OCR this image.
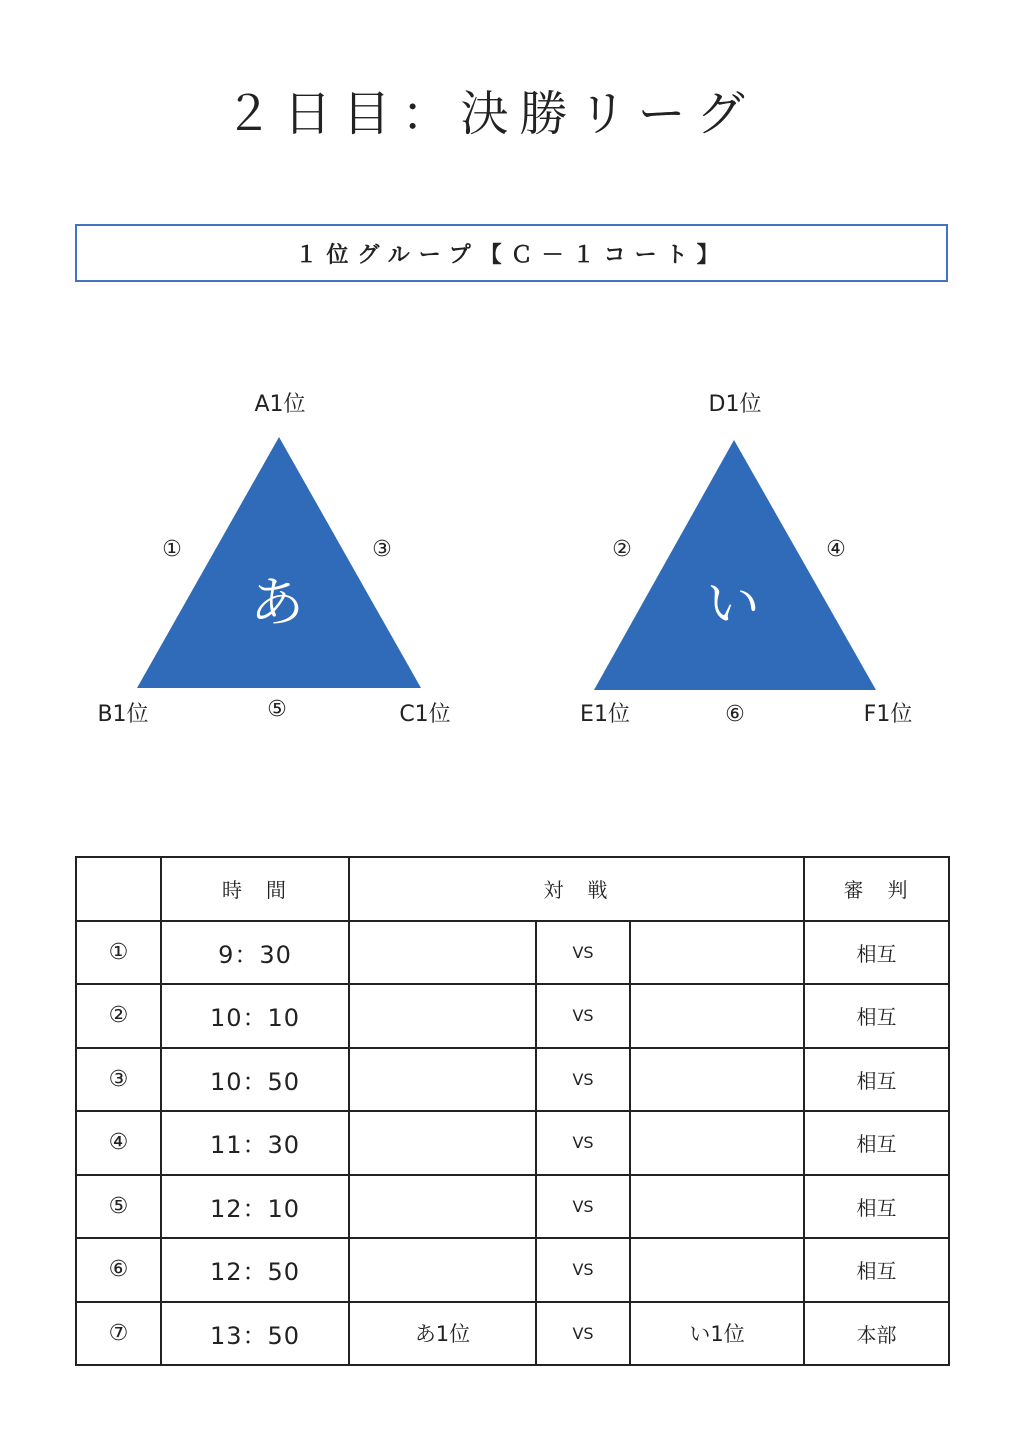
２日目：決勝リーグ
１位グループ【Ｃ－１コート】
あ
A1位
①	③
B1位	⑤	C1位
い
D1位
②	④
E1位	⑥	F1位
	時　間	対　戦			審　判
①	9：30		VS		相互
②	10：10		VS		相互
③	10：50		VS		相互
④	11：30		VS		相互
⑤	12：10		VS		相互
⑥	12：50		VS		相互
⑦	13：50	あ1位	VS	い1位	本部
